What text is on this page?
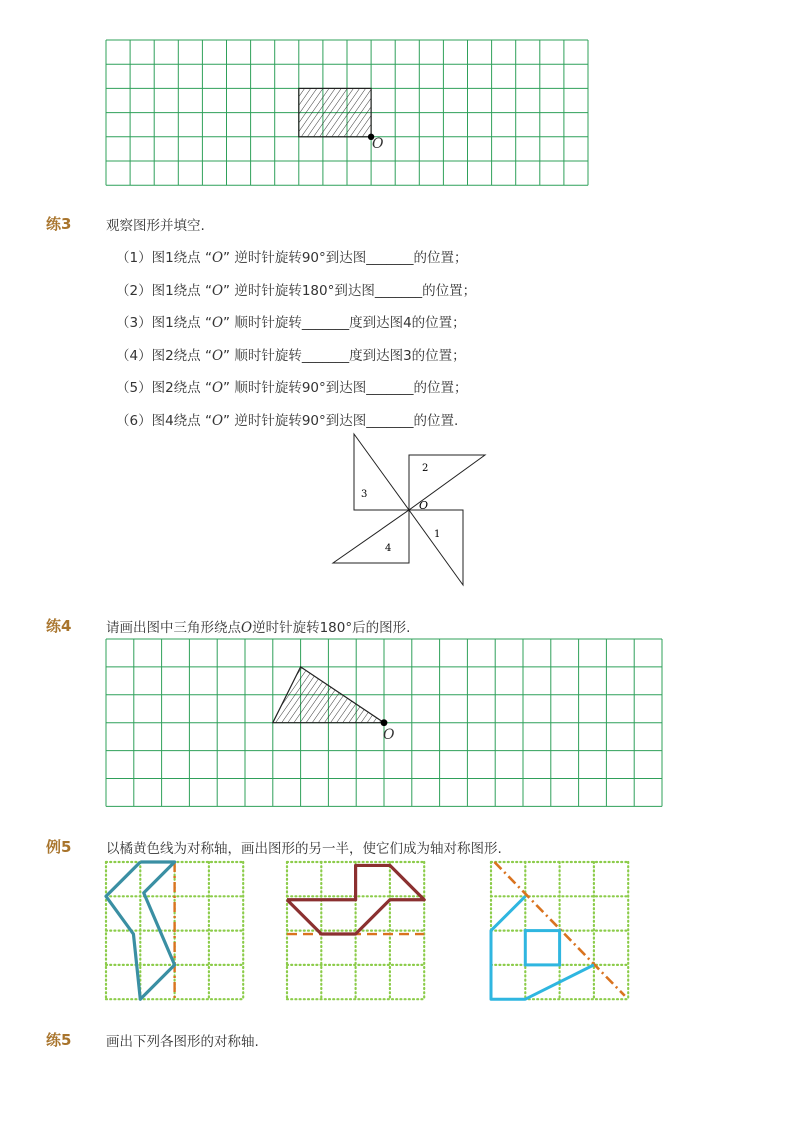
O
练3	观察图形并填空.
（1）图1绕点 “O” 逆时针旋转90°到达图_______的位置；
（2）图1绕点 “O” 逆时针旋转180°到达图_______的位置；
（3）图1绕点 “O” 顺时针旋转_______度到达图4的位置；
（4）图2绕点 “O” 顺时针旋转_______度到达图3的位置；
（5）图2绕点 “O” 顺时针旋转90°到达图_______的位置；
（6）图4绕点 “O” 逆时针旋转90°到达图_______的位置.
2
3
4
1
O
练4	请画出图中三角形绕点O逆时针旋转180°后的图形.
O
例5	以橘黄色线为对称轴，画出图形的另一半，使它们成为轴对称图形.
练5	画出下列各图形的对称轴.
